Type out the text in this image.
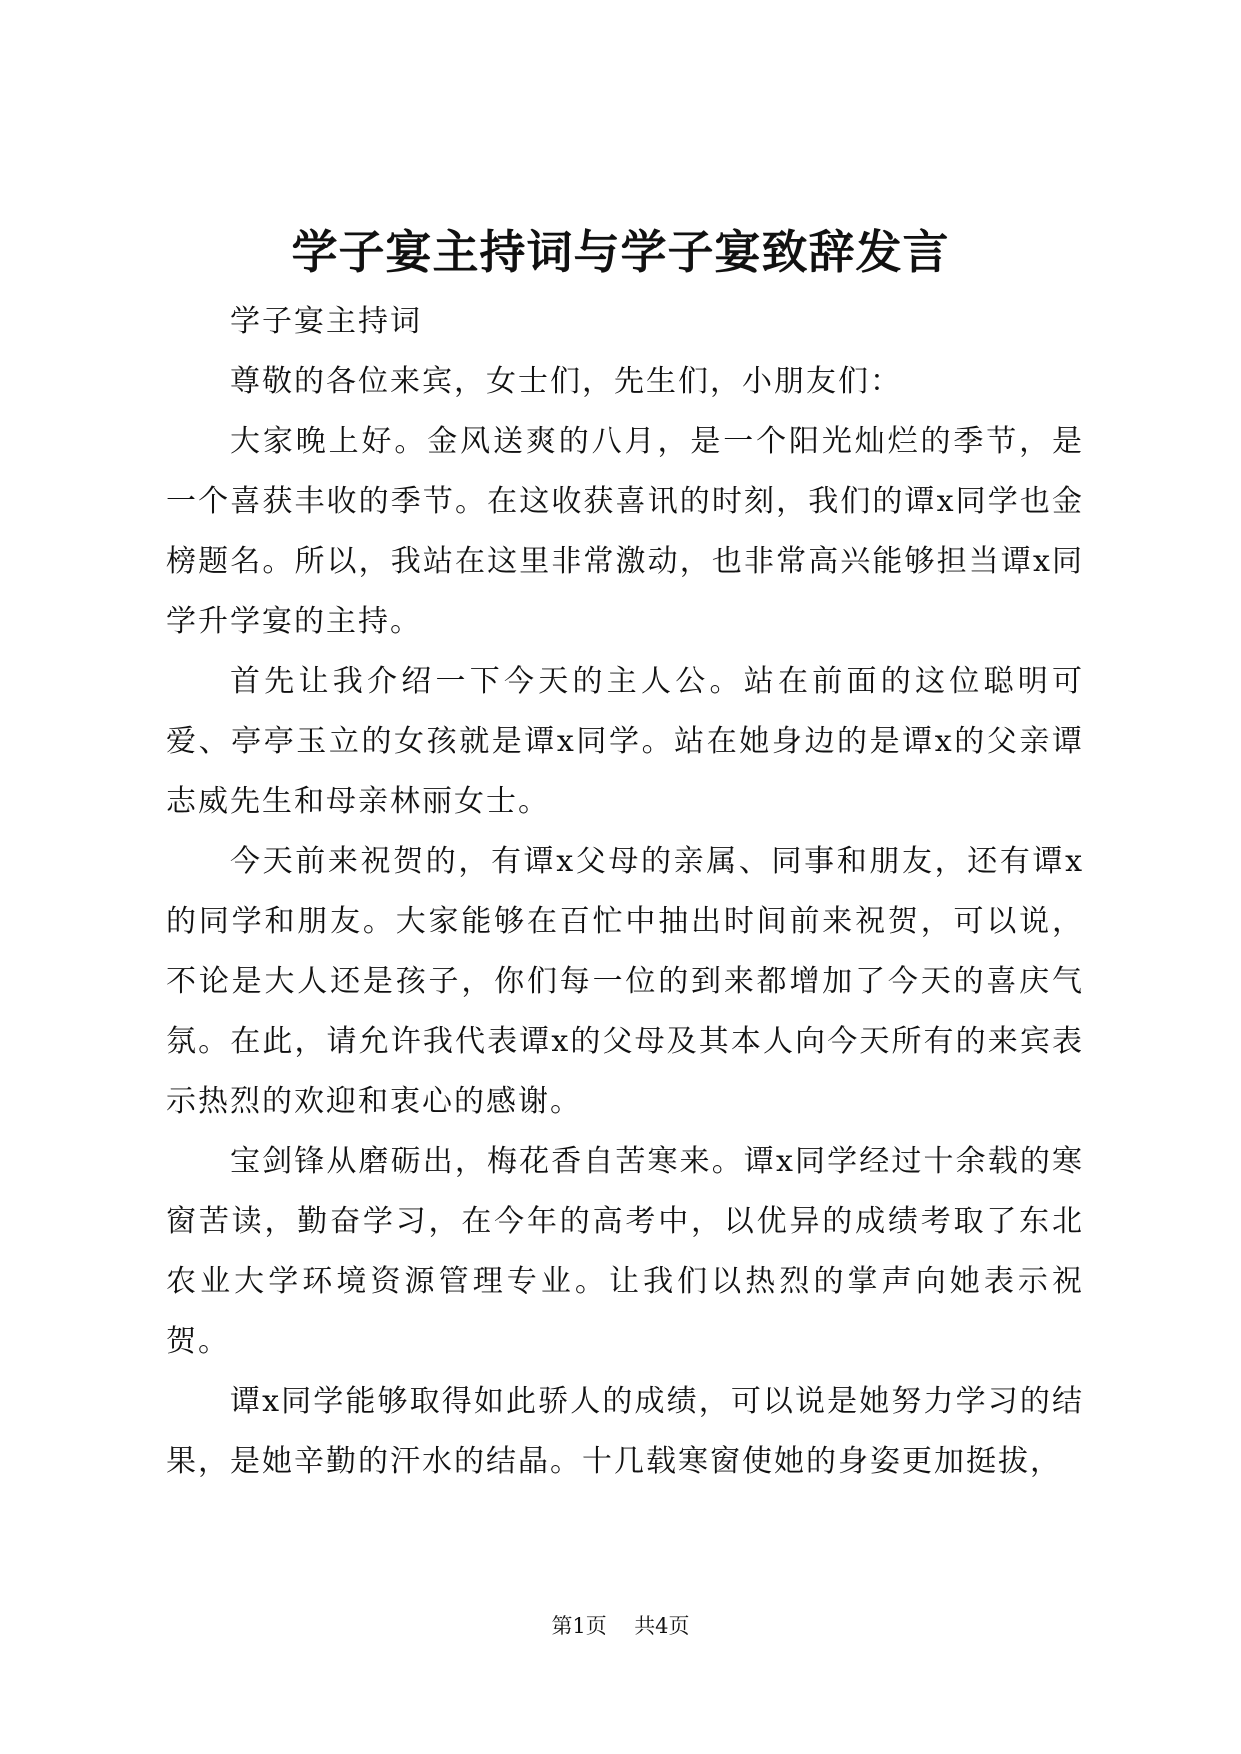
学子宴主持词与学子宴致辞发言

学子宴主持词

尊敬的各位来宾，女士们，先生们，小朋友们：

大家晚上好。金风送爽的八月，是一个阳光灿烂的季节，是一个喜获丰收的季节。在这收获喜讯的时刻，我们的谭x同学也金榜题名。所以，我站在这里非常激动，也非常高兴能够担当谭x同学升学宴的主持。

首先让我介绍一下今天的主人公。站在前面的这位聪明可爱、亭亭玉立的女孩就是谭x同学。站在她身边的是谭x的父亲谭志威先生和母亲林丽女士。

今天前来祝贺的，有谭x父母的亲属、同事和朋友，还有谭x的同学和朋友。大家能够在百忙中抽出时间前来祝贺，可以说，不论是大人还是孩子，你们每一位的到来都增加了今天的喜庆气氛。在此，请允许我代表谭x的父母及其本人向今天所有的来宾表示热烈的欢迎和衷心的感谢。

宝剑锋从磨砺出，梅花香自苦寒来。谭x同学经过十余载的寒窗苦读，勤奋学习，在今年的高考中，以优异的成绩考取了东北农业大学环境资源管理专业。让我们以热烈的掌声向她表示祝贺。

谭x同学能够取得如此骄人的成绩，可以说是她努力学习的结果，是她辛勤的汗水的结晶。十几载寒窗使她的身姿更加挺拔，

第1页 共4页
